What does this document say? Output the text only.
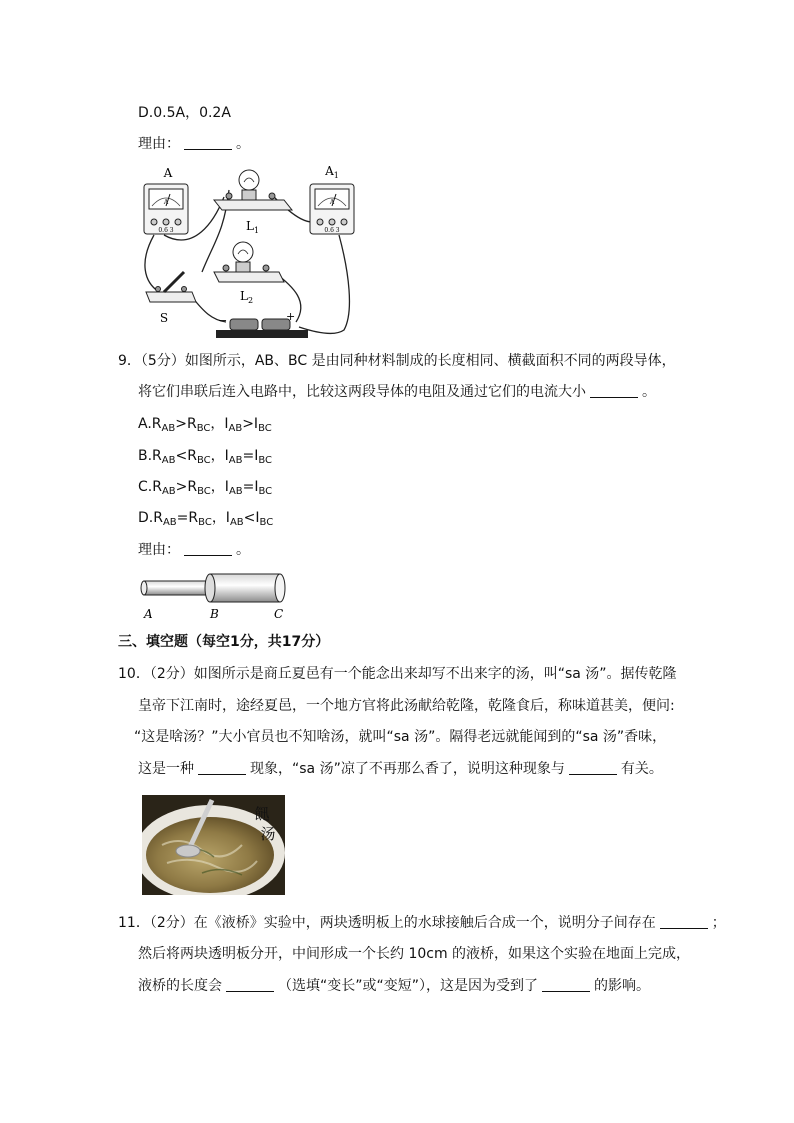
D.0.5A，0.2A
理由：	。
A
0.6 3
A
$L_1$
A
0.6 3
$A_1$
$L_2$
S	−	+
9．（5分）如图所示，AB、BC 是由同种材料制成的长度相同、横截面积不同的两段导体，
将它们串联后连入电路中，比较这两段导体的电阻及通过它们的电流大小	。
$A.R_{AB}>R_{BC}$，$I_{AB}>I_{BC}$
$B.R_{AB}<R_{BC}$，$I_{AB}=I_{BC}$
$C.R_{AB}>R_{BC}$，$I_{AB}=I_{BC}$
$D.R_{AB}=R_{BC}$，$I_{AB}<I_{BC}$
理由：	。
A	B	C
三、填空题（每空1分，共17分）
10．（2分）如图所示是商丘夏邑有一个能念出来却写不出来字的汤，叫“sa 汤”。据传乾隆
皇帝下江南时，途经夏邑，一个地方官将此汤献给乾隆，乾隆食后，称味道甚美，便问:
“这是啥汤？”大小官员也不知啥汤，就叫“sa 汤”。隔得老远就能闻到的“sa 汤”香味，
这是一种	现象，“sa 汤”凉了不再那么香了，说明这种现象与	有关。
䭀
汤
11．（2分）在《液桥》实验中，两块透明板上的水球接触后合成一个，说明分子间存在	；
然后将两块透明板分开，中间形成一个长约 10cm 的液桥，如果这个实验在地面上完成，
液桥的长度会	（选填“变长”或“变短”），这是因为受到了	的影响。
